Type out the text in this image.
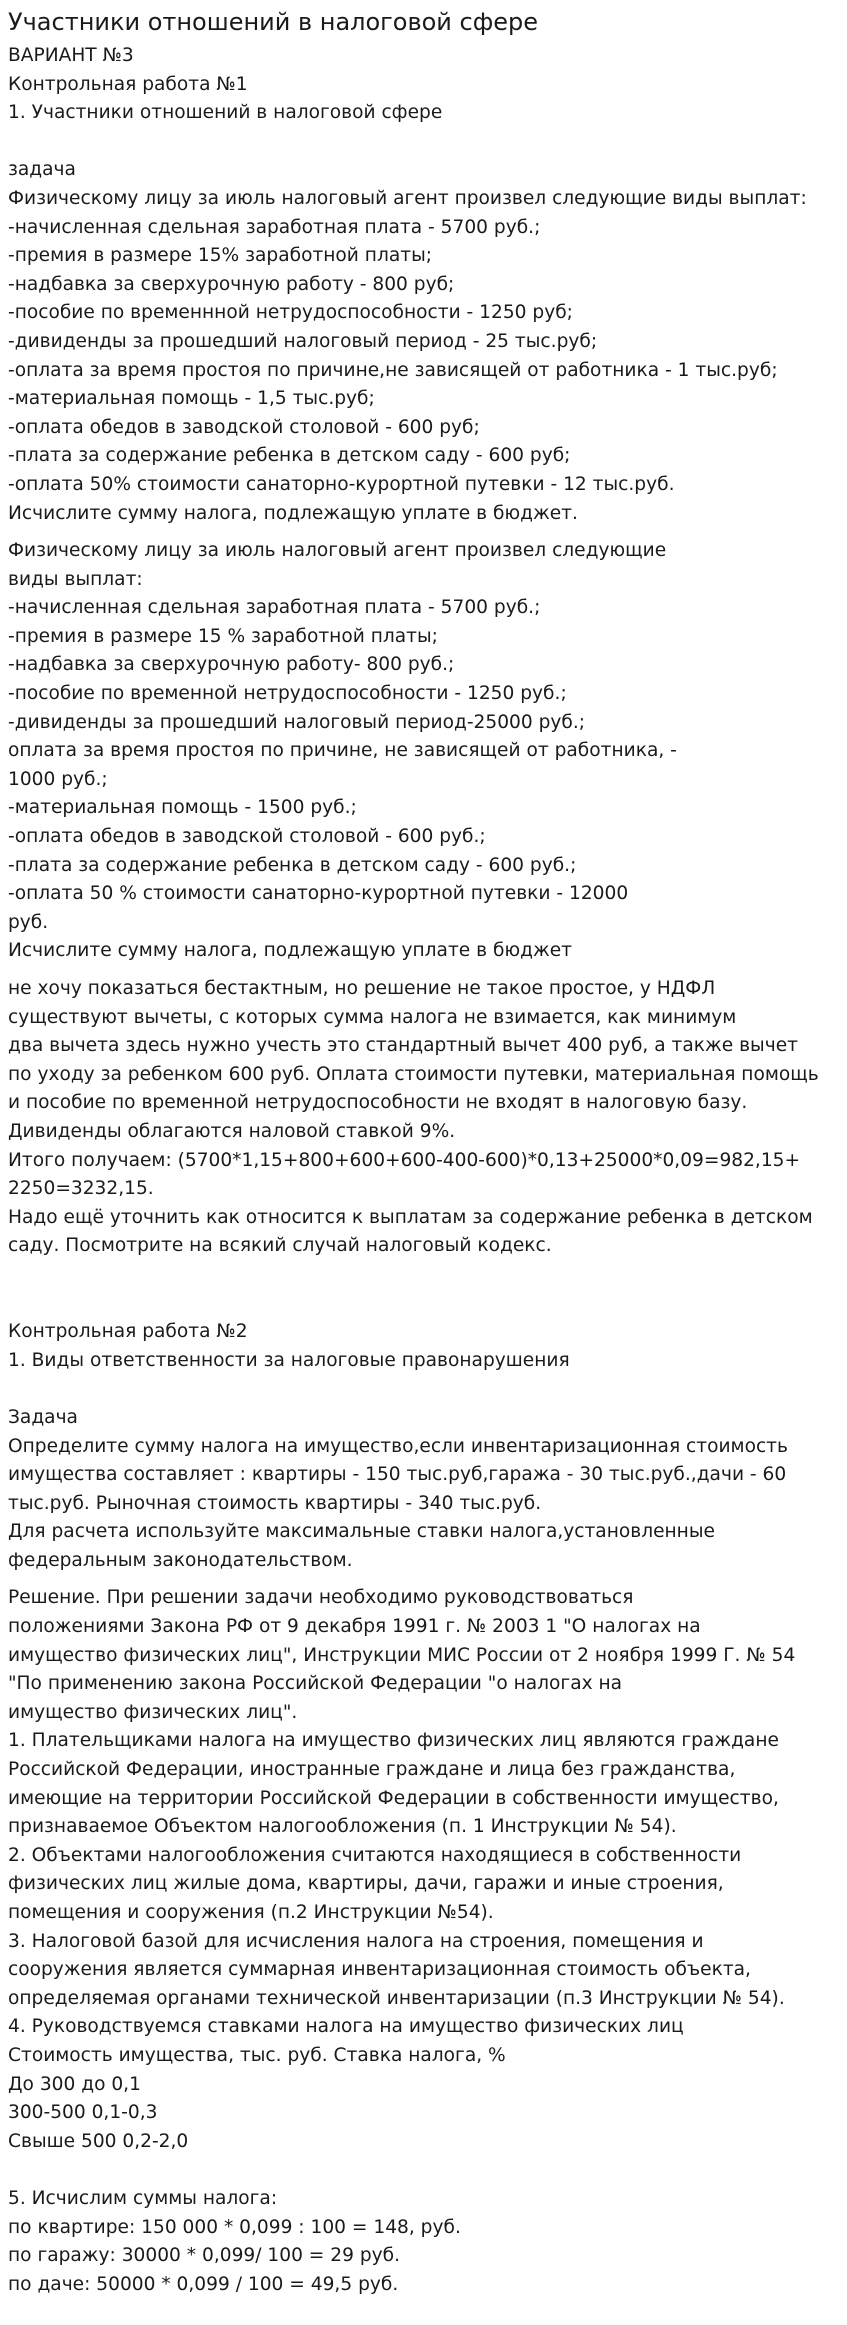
Участники отношений в налоговой сфере
ВАРИАНТ №3
Контрольная работа №1
1. Участники отношений в налоговой сфере
задача
Физическому лицу за июль налоговый агент произвел следующие виды выплат:
-начисленная сдельная заработная плата - 5700 руб.;
-премия в размере 15% заработной платы;
-надбавка за сверхурочную работу - 800 руб;
-пособие по временнной нетрудоспособности - 1250 руб;
-дивиденды за прошедший налоговый период - 25 тыс.руб;
-оплата за время простоя по причине,не зависящей от работника - 1 тыс.руб;
-материальная помощь - 1,5 тыс.руб;
-оплата обедов в заводской столовой - 600 руб;
-плата за содержание ребенка в детском саду - 600 руб;
-оплата 50% стоимости санаторно-курортной путевки - 12 тыс.руб.
Исчислите сумму налога, подлежащую уплате в бюджет.
Физическому лицу за июль налоговый агент произвел следующие
виды выплат:
-начисленная сдельная заработная плата - 5700 руб.;
-премия в размере 15 % заработной платы;
-надбавка за сверхурочную работу- 800 руб.;
-пособие по временной нетрудоспособности - 1250 руб.;
-дивиденды за прошедший налоговый период-25000 руб.;
оплата за время простоя по причине, не зависящей от работника, -
1000 руб.;
-материальная помощь - 1500 руб.;
-оплата обедов в заводской столовой - 600 руб.;
-плата за содержание ребенка в детском саду - 600 руб.;
-оплата 50 % стоимости санаторно-курортной путевки - 12000
руб.
Исчислите сумму налога, подлежащую уплате в бюджет
не хочу показаться бестактным, но решение не такое простое, у НДФЛ
существуют вычеты, с которых сумма налога не взимается, как минимум
два вычета здесь нужно учесть это стандартный вычет 400 руб, а также вычет
по уходу за ребенком 600 руб. Оплата стоимости путевки, материальная помощь
и пособие по временной нетрудоспособности не входят в налоговую базу.
Дивиденды облагаются наловой ставкой 9%.
Итого получаем: (5700*1,15+800+600+600-400-600)*0,13+25000*0,09=982,15+
2250=3232,15.
Надо ещё уточнить как относится к выплатам за содержание ребенка в детском
саду. Посмотрите на всякий случай налоговый кодекс.
Контрольная работа №2
1. Виды ответственности за налоговые правонарушения
Задача
Определите сумму налога на имущество,если инвентаризационная стоимость
имущества составляет : квартиры - 150 тыс.руб,гаража - 30 тыс.руб.,дачи - 60
тыс.руб. Рыночная стоимость квартиры - 340 тыс.руб.
Для расчета используйте максимальные ставки налога,установленные
федеральным законодательством.
Решение. При решении задачи необходимо руководствоваться
положениями Закона РФ от 9 декабря 1991 г. № 2003 1 "О налогах на
имущество физических лиц", Инструкции МИС России от 2 ноября 1999 Г. № 54
"По применению закона Российской Федерации "о налогах на
имущество физических лиц".
1. Плательщиками налога на имущество физических лиц являются граждане
Российской Федерации, иностранные граждане и лица без гражданства,
имеющие на территории Российской Федерации в собственности имущество,
признаваемое Объектом налогообложения (п. 1 Инструкции № 54).
2. Объектами налогообложения считаются находящиеся в собственности
физических лиц жилые дома, квартиры, дачи, гаражи и иные строения,
помещения и сооружения (п.2 Инструкции №54).
3. Налоговой базой для исчисления налога на строения, помещения и
сооружения является суммарная инвентаризационная стоимость объекта,
определяемая органами технической инвентаризации (п.3 Инструкции № 54).
4. Руководствуемся ставками налога на имущество физических лиц
Стоимость имущества, тыс. руб. Ставка налога, %
До 300 до 0,1
300-500 0,1-0,3
Свыше 500 0,2-2,0
5. Исчислим суммы налога:
по квартире: 150 000 * 0,099 : 100 = 148, руб.
по гаражу: 30000 * 0,099/ 100 = 29 руб.
по даче: 50000 * 0,099 / 100 = 49,5 руб.
